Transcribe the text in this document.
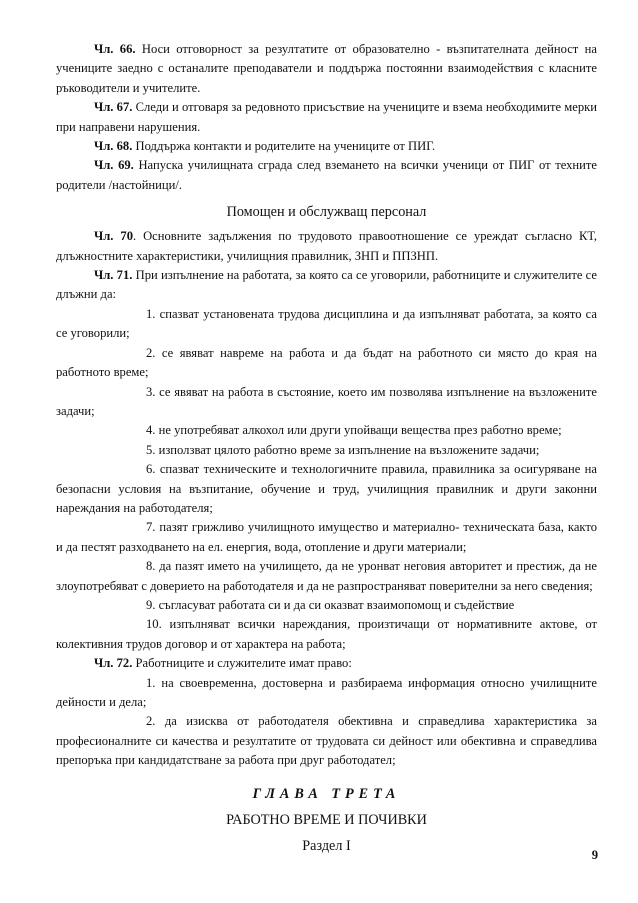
Чл. 66. Носи отговорност за резултатите от образователно - възпитателната дейност на учениците заедно с останалите преподаватели и поддържа постоянни взаимодействия с класните ръководители и учителите.

Чл. 67. Следи и отговаря за редовното присъствие на учениците и взема необходимите мерки при направени нарушения.

Чл. 68. Поддържа контакти и родителите на учениците от ПИГ.

Чл. 69. Напуска училищната сграда след вземането на всички ученици от ПИГ от техните родители /настойници/.

Помощен и обслужващ персонал

Чл. 70. Основните задължения по трудовото правоотношение се уреждат съгласно КТ, длъжностните характеристики, училищния правилник, ЗНП и ППЗНП.

Чл. 71. При изпълнение на работата, за която са се уговорили, работниците и служителите се длъжни да:

1. спазват установената трудова дисциплина и да изпълняват работата, за която са се уговорили;

2. се явяват навреме на работа и да бъдат на работното си място до края на работното време;

3. се явяват на работа в състояние, което им позволява изпълнение на възложените задачи;

4. не употребяват алкохол или други упойващи вещества през работно време;

5. използват цялото работно време за изпълнение на възложените задачи;

6. спазват техническите и технологичните правила, правилника за осигуряване на безопасни условия на възпитание, обучение и труд, училищния правилник и други законни нареждания на работодателя;

7. пазят грижливо училищното имущество и материално- техническата база, както и да пестят разходването на ел. енергия, вода, отопление и други материали;

8. да пазят името на училището, да не уронват неговия авторитет и престиж, да не злоупотребяват с доверието на работодателя и да не разпространяват поверителни за него сведения;

9. съгласуват работата си и да си оказват взаимопомощ и съдействие

10. изпълняват всички нареждания, произтичащи от нормативните актове, от колективния трудов договор и от характера на работа;

Чл. 72. Работниците и служителите имат право:

1. на своевременна, достоверна и разбираема информация относно училищните дейности и дела;

2. да изисква от работодателя обективна и справедлива характеристика за професионалните си качества и резултатите от трудовата си дейност или обективна и справедлива препоръка при кандидатстване за работа при друг работодател;

ГЛАВА ТРЕТА
РАБОТНО ВРЕМЕ И ПОЧИВКИ
Раздел I
9
